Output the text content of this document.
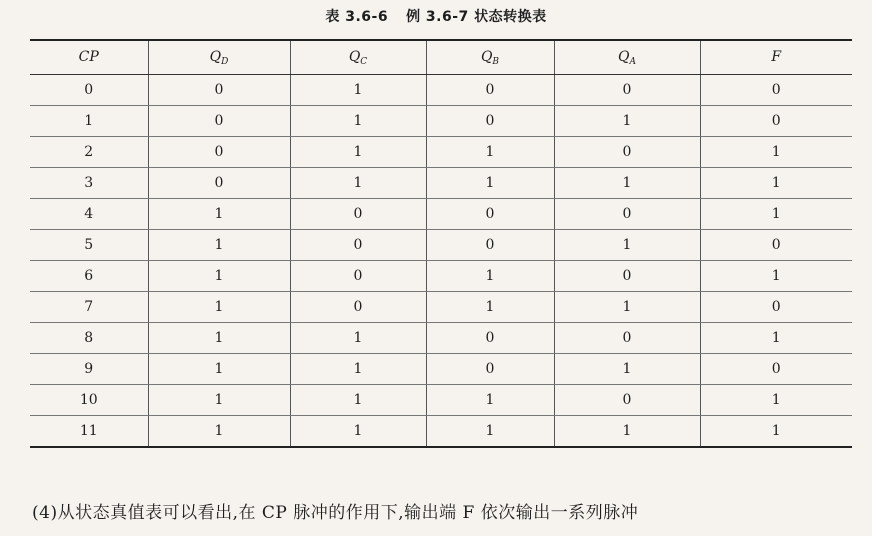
表 3.6-6 例 3.6-7 状态转换表
CP	$Q_D$	$Q_C$	$Q_B$	$Q_A$	F
0	0	1	0	0	0
1	0	1	0	1	0
2	0	1	1	0	1
3	0	1	1	1	1
4	1	0	0	0	1
5	1	0	0	1	0
6	1	0	1	0	1
7	1	0	1	1	0
8	1	1	0	0	1
9	1	1	0	1	0
10	1	1	1	0	1
11	1	1	1	1	1
(4)从状态真值表可以看出,在 CP 脉冲的作用下,输出端 F 依次输出一系列脉冲
